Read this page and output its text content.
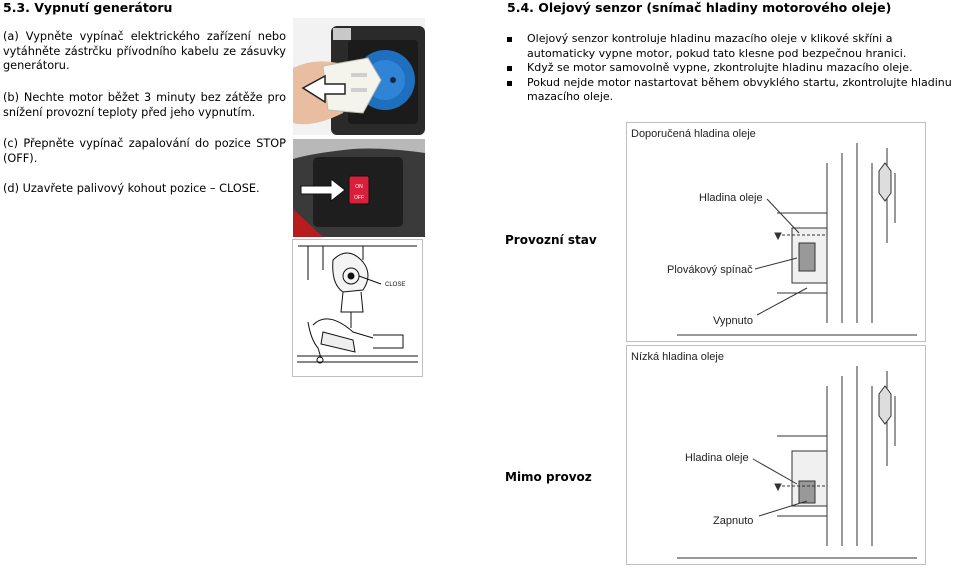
5.3. Vypnutí generátoru
(a) Vypněte vypínač elektrického zařízení nebo vytáhněte zástrčku přívodního kabelu ze zásuvky generátoru.
(b) Nechte motor běžet 3 minuty bez zátěže pro snížení provozní teploty před jeho vypnutím.
(c) Přepněte vypínač zapalování do pozice STOP (OFF).
(d) Uzavřete palivový kohout pozice – CLOSE.	ON
OFF
CLOSE
5.4. Olejový senzor (snímač hladiny motorového oleje)
Olejový senzor kontroluje hladinu mazacího oleje v klikové skříni a automaticky vypne motor, pokud tato klesne pod bezpečnou hranici.
Když se motor samovolně vypne, zkontrolujte hladinu mazacího oleje.
Pokud nejde motor nastartovat během obvyklého startu, zkontrolujte hladinu mazacího oleje.
Provozní stav
Mimo provoz
Doporučená hladina oleje
Hladina oleje
Plovákový spínač
Vypnuto
Nízká hladina oleje
Hladina oleje
Zapnuto
